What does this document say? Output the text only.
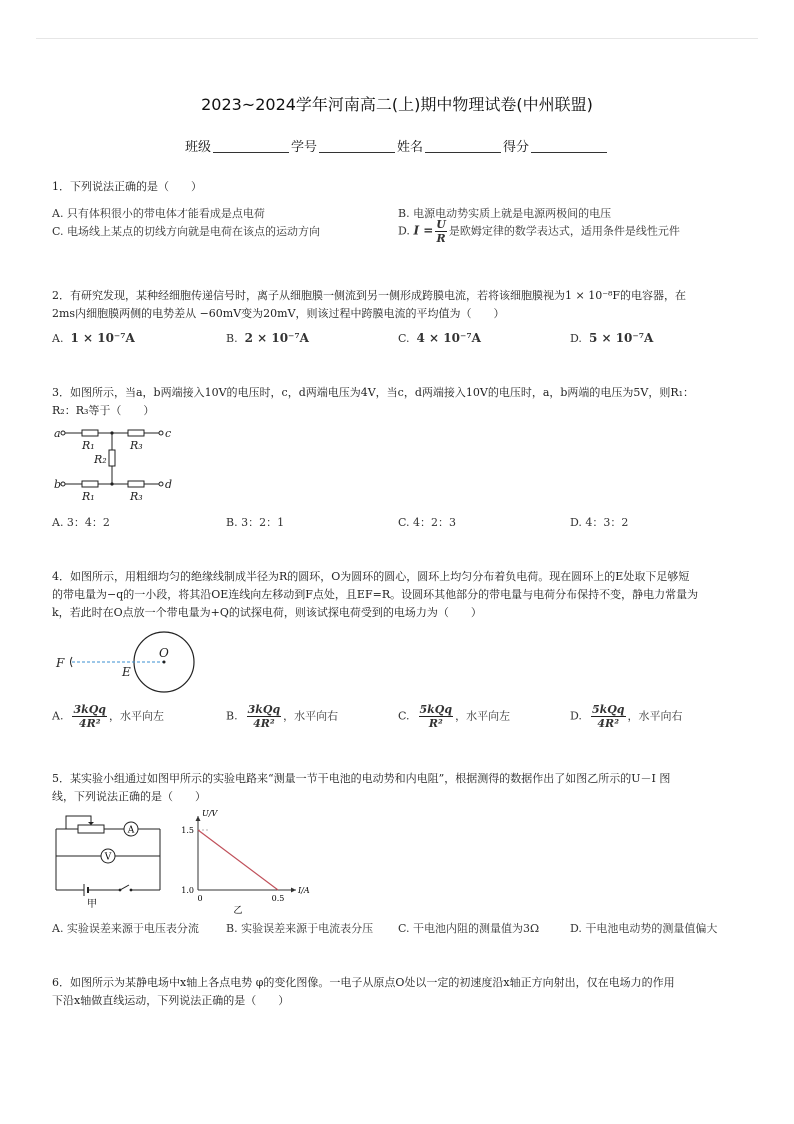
2023~2024学年河南高二(上)期中物理试卷(中州联盟)
班级	学号	姓名	得分
1．下列说法正确的是（　　）
A. 只有体积很小的带电体才能看成是点电荷	B. 电源电动势实质上就是电源两极间的电压
C. 电场线上某点的切线方向就是电荷在该点的运动方向	D. $I = \frac{U}{R}$ 是欧姆定律的数学表达式，适用条件是线性元件
2．有研究发现，某种经细胞传递信号时，离子从细胞膜一侧流到另一侧形成跨膜电流，若将该细胞膜视为1 × 10⁻⁸F的电容器，在
2ms内细胞膜两侧的电势差从 −60mV变为20mV，则该过程中跨膜电流的平均值为（　　）
A. 1 × 10⁻⁷A	B. 2 × 10⁻⁷A	C. 4 × 10⁻⁷A	D. 5 × 10⁻⁷A
3．如图所示，当a，b两端接入10V的电压时，c，d两端电压为4V，当c，d两端接入10V的电压时，a，b两端的电压为5V，则R₁：
R₂：R₃等于（　　）
a	c
b	d
R₁	R₃
R₂
R₁	R₃
A. 3：4：2	B. 3：2：1	C. 4：2：3	D. 4：3：2
4．如图所示，用粗细均匀的绝缘线制成半径为R的圆环，O为圆环的圆心，圆环上均匀分布着负电荷。现在圆环上的E处取下足够短
的带电量为−q的一小段，将其沿OE连线向左移动到F点处，且EF=R。设圆环其他部分的带电量与电荷分布保持不变，静电力常量为
k，若此时在O点放一个带电量为+Q的试探电荷，则该试探电荷受到的电场力为（　　）
F
O
E
A. $\frac{\text{3kQq}}{\text{4R²}}$ ，水平向左	B. $\frac{\text{3kQq}}{\text{4R²}}$ ，水平向右	C. $\frac{\text{5kQq}}{\text{R²}}$ ，水平向左	D. $\frac{\text{5kQq}}{\text{4R²}}$ ，水平向右
5．某实验小组通过如图甲所示的实验电路来“测量一节干电池的电动势和内电阻”，根据测得的数据作出了如图乙所示的U－I 图
线，下列说法正确的是（　　）
A
V
甲
U/V
I/A
1.0
1.5
0	0.5
乙
A. 实验误差来源于电压表分流 B. 实验误差来源于电流表分压 C. 干电池内阻的测量值为3Ω	D. 干电池电动势的测量值偏大
6．如图所示为某静电场中x轴上各点电势 φ的变化图像。一电子从原点O处以一定的初速度沿x轴正方向射出，仅在电场力的作用
下沿x轴做直线运动，下列说法正确的是（　　）
